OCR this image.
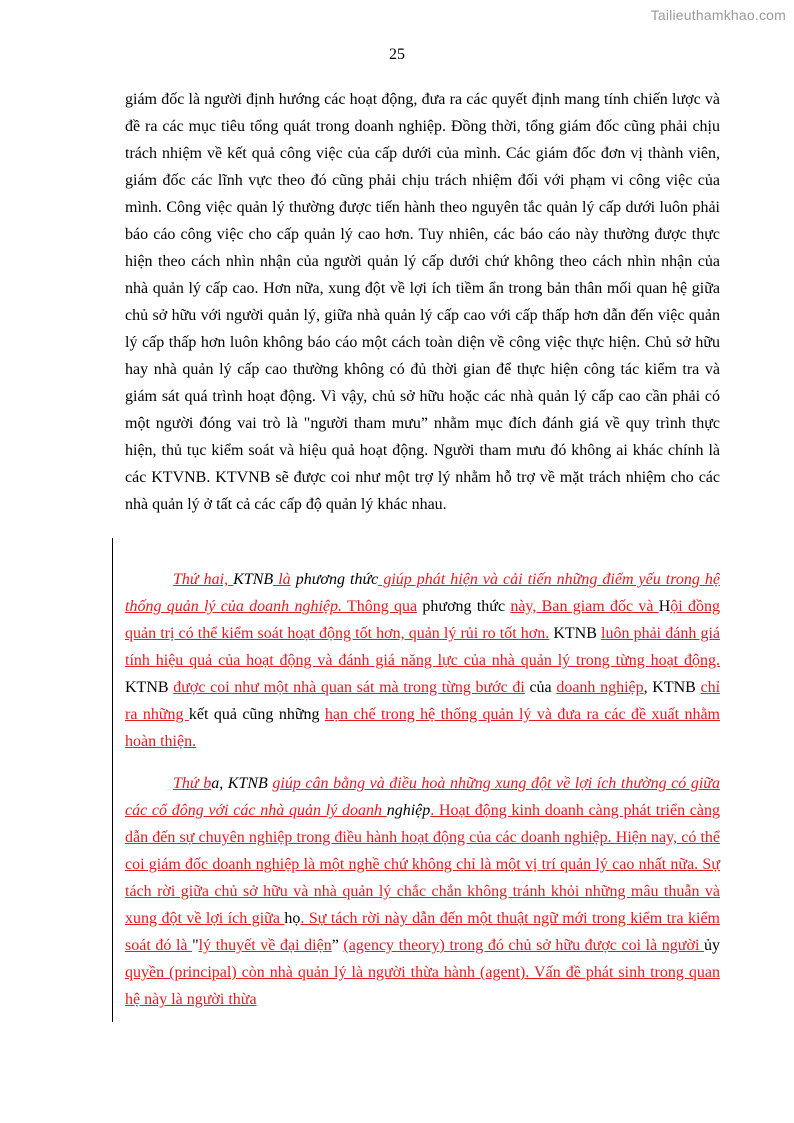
Tailieuthamkhao.com
25

giám đốc là người định hướng các hoạt động, đưa ra các quyết định mang tính chiến lược và đề ra các mục tiêu tổng quát trong doanh nghiệp. Đồng thời, tổng giám đốc cũng phải chịu trách nhiệm về kết quả công việc của cấp dưới của mình. Các giám đốc đơn vị thành viên, giám đốc các lĩnh vực theo đó cũng phải chịu trách nhiệm đối với phạm vi công việc của mình. Công việc quản lý thường được tiến hành theo nguyên tắc quản lý cấp dưới luôn phải báo cáo công việc cho cấp quản lý cao hơn. Tuy nhiên, các báo cáo này thường được thực hiện theo cách nhìn nhận của người quản lý cấp dưới chứ không theo cách nhìn nhận của nhà quản lý cấp cao. Hơn nữa, xung đột về lợi ích tiềm ẩn trong bản thân mối quan hệ giữa chủ sở hữu với người quản lý, giữa nhà quản lý cấp cao với cấp thấp hơn dẫn đến việc quản lý cấp thấp hơn luôn không báo cáo một cách toàn diện về công việc thực hiện. Chủ sở hữu hay nhà quản lý cấp cao thường không có đủ thời gian để thực hiện công tác kiểm tra và giám sát quá trình hoạt động. Vì vậy, chủ sở hữu hoặc các nhà quản lý cấp cao cần phải có một người đóng vai trò là "người tham mưu” nhằm mục đích đánh giá về quy trình thực hiện, thủ tục kiểm soát và hiệu quả hoạt động. Người tham mưu đó không ai khác chính là các KTVNB. KTVNB sẽ được coi như một trợ lý nhằm hỗ trợ về mặt trách nhiệm cho các nhà quản lý ở tất cả các cấp độ quản lý khác nhau.

Thứ hai, KTNB là phương thức giúp phát hiện và cải tiến những điểm yếu trong hệ thống quản lý của doanh nghiệp. Thông qua phương thức này, Ban giam đốc và Hội đồng quản trị có thể kiểm soát hoạt động tốt hơn, quản lý rủi ro tốt hơn. KTNB luôn phải đánh giá tính hiệu quả của hoạt động và đánh giá năng lực của nhà quản lý trong từng hoạt động. KTNB được coi như một nhà quan sát mà trong từng bước đi của doanh nghiệp, KTNB chỉ ra những kết quả cũng những hạn chế trong hệ thống quản lý và đưa ra các đề xuất nhằm hoàn thiện.

Thứ ba, KTNB giúp cân bằng và điều hoà những xung đột về lợi ích thường có giữa các cổ đông với các nhà quản lý doanh nghiệp. Hoạt động kinh doanh càng phát triển càng dẫn đến sự chuyên nghiệp trong điều hành hoạt động của các doanh nghiệp. Hiện nay, có thể coi giám đốc doanh nghiệp là một nghề chứ không chỉ là một vị trí quản lý cao nhất nữa. Sự tách rời giữa chủ sở hữu và nhà quản lý chắc chắn không tránh khỏi những mâu thuẫn và xung đột về lợi ích giữa họ. Sự tách rời này dẫn đến một thuật ngữ mới trong kiểm tra kiểm soát đó là "lý thuyết về đại diện” (agency theory) trong đó chủ sở hữu được coi là người ủy quyền (principal) còn nhà quản lý là người thừa hành (agent). Vấn đề phát sinh trong quan hệ này là người thừa
